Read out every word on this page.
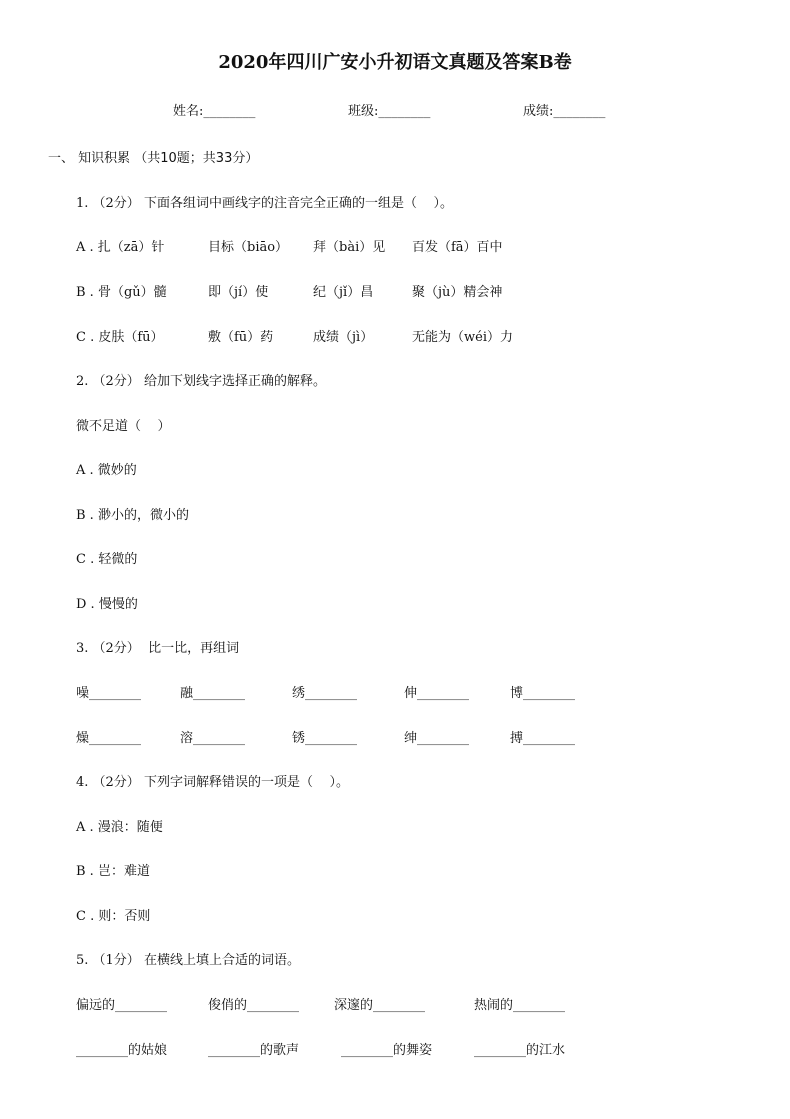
2020年四川广安小升初语文真题及答案B卷
姓名:________	班级:________	成绩:________
一、 知识积累 （共10题；共33分）
1. （2分） 下面各组词中画线字的注音完全正确的一组是（    ）。
A . 扎（zā）针	目标（biāo） 拜（bài）见 百发（fā）百中
B . 骨（gǔ）髓	即（jí）使	纪（jǐ）昌	聚（jù）精会神
C . 皮肤（fū）	敷（fū）药	成绩（jì）	无能为（wéi）力
2. （2分） 给加下划线字选择正确的解释。
微不足道（    ）
A . 微妙的
B . 渺小的，微小的
C . 轻微的
D . 慢慢的
3. （2分）  比一比，再组词
噪________	融________	绣________	伸________	博________
燥________	溶________	锈________	绅________	搏________
4. （2分） 下列字词解释错误的一项是（    ）。
A . 漫浪：随便
B . 岂：难道
C . 则：否则
5. （1分） 在横线上填上合适的词语。
偏远的________	俊俏的________	深邃的________	热闹的________
________的姑娘	________的歌声	________的舞姿	________的江水
